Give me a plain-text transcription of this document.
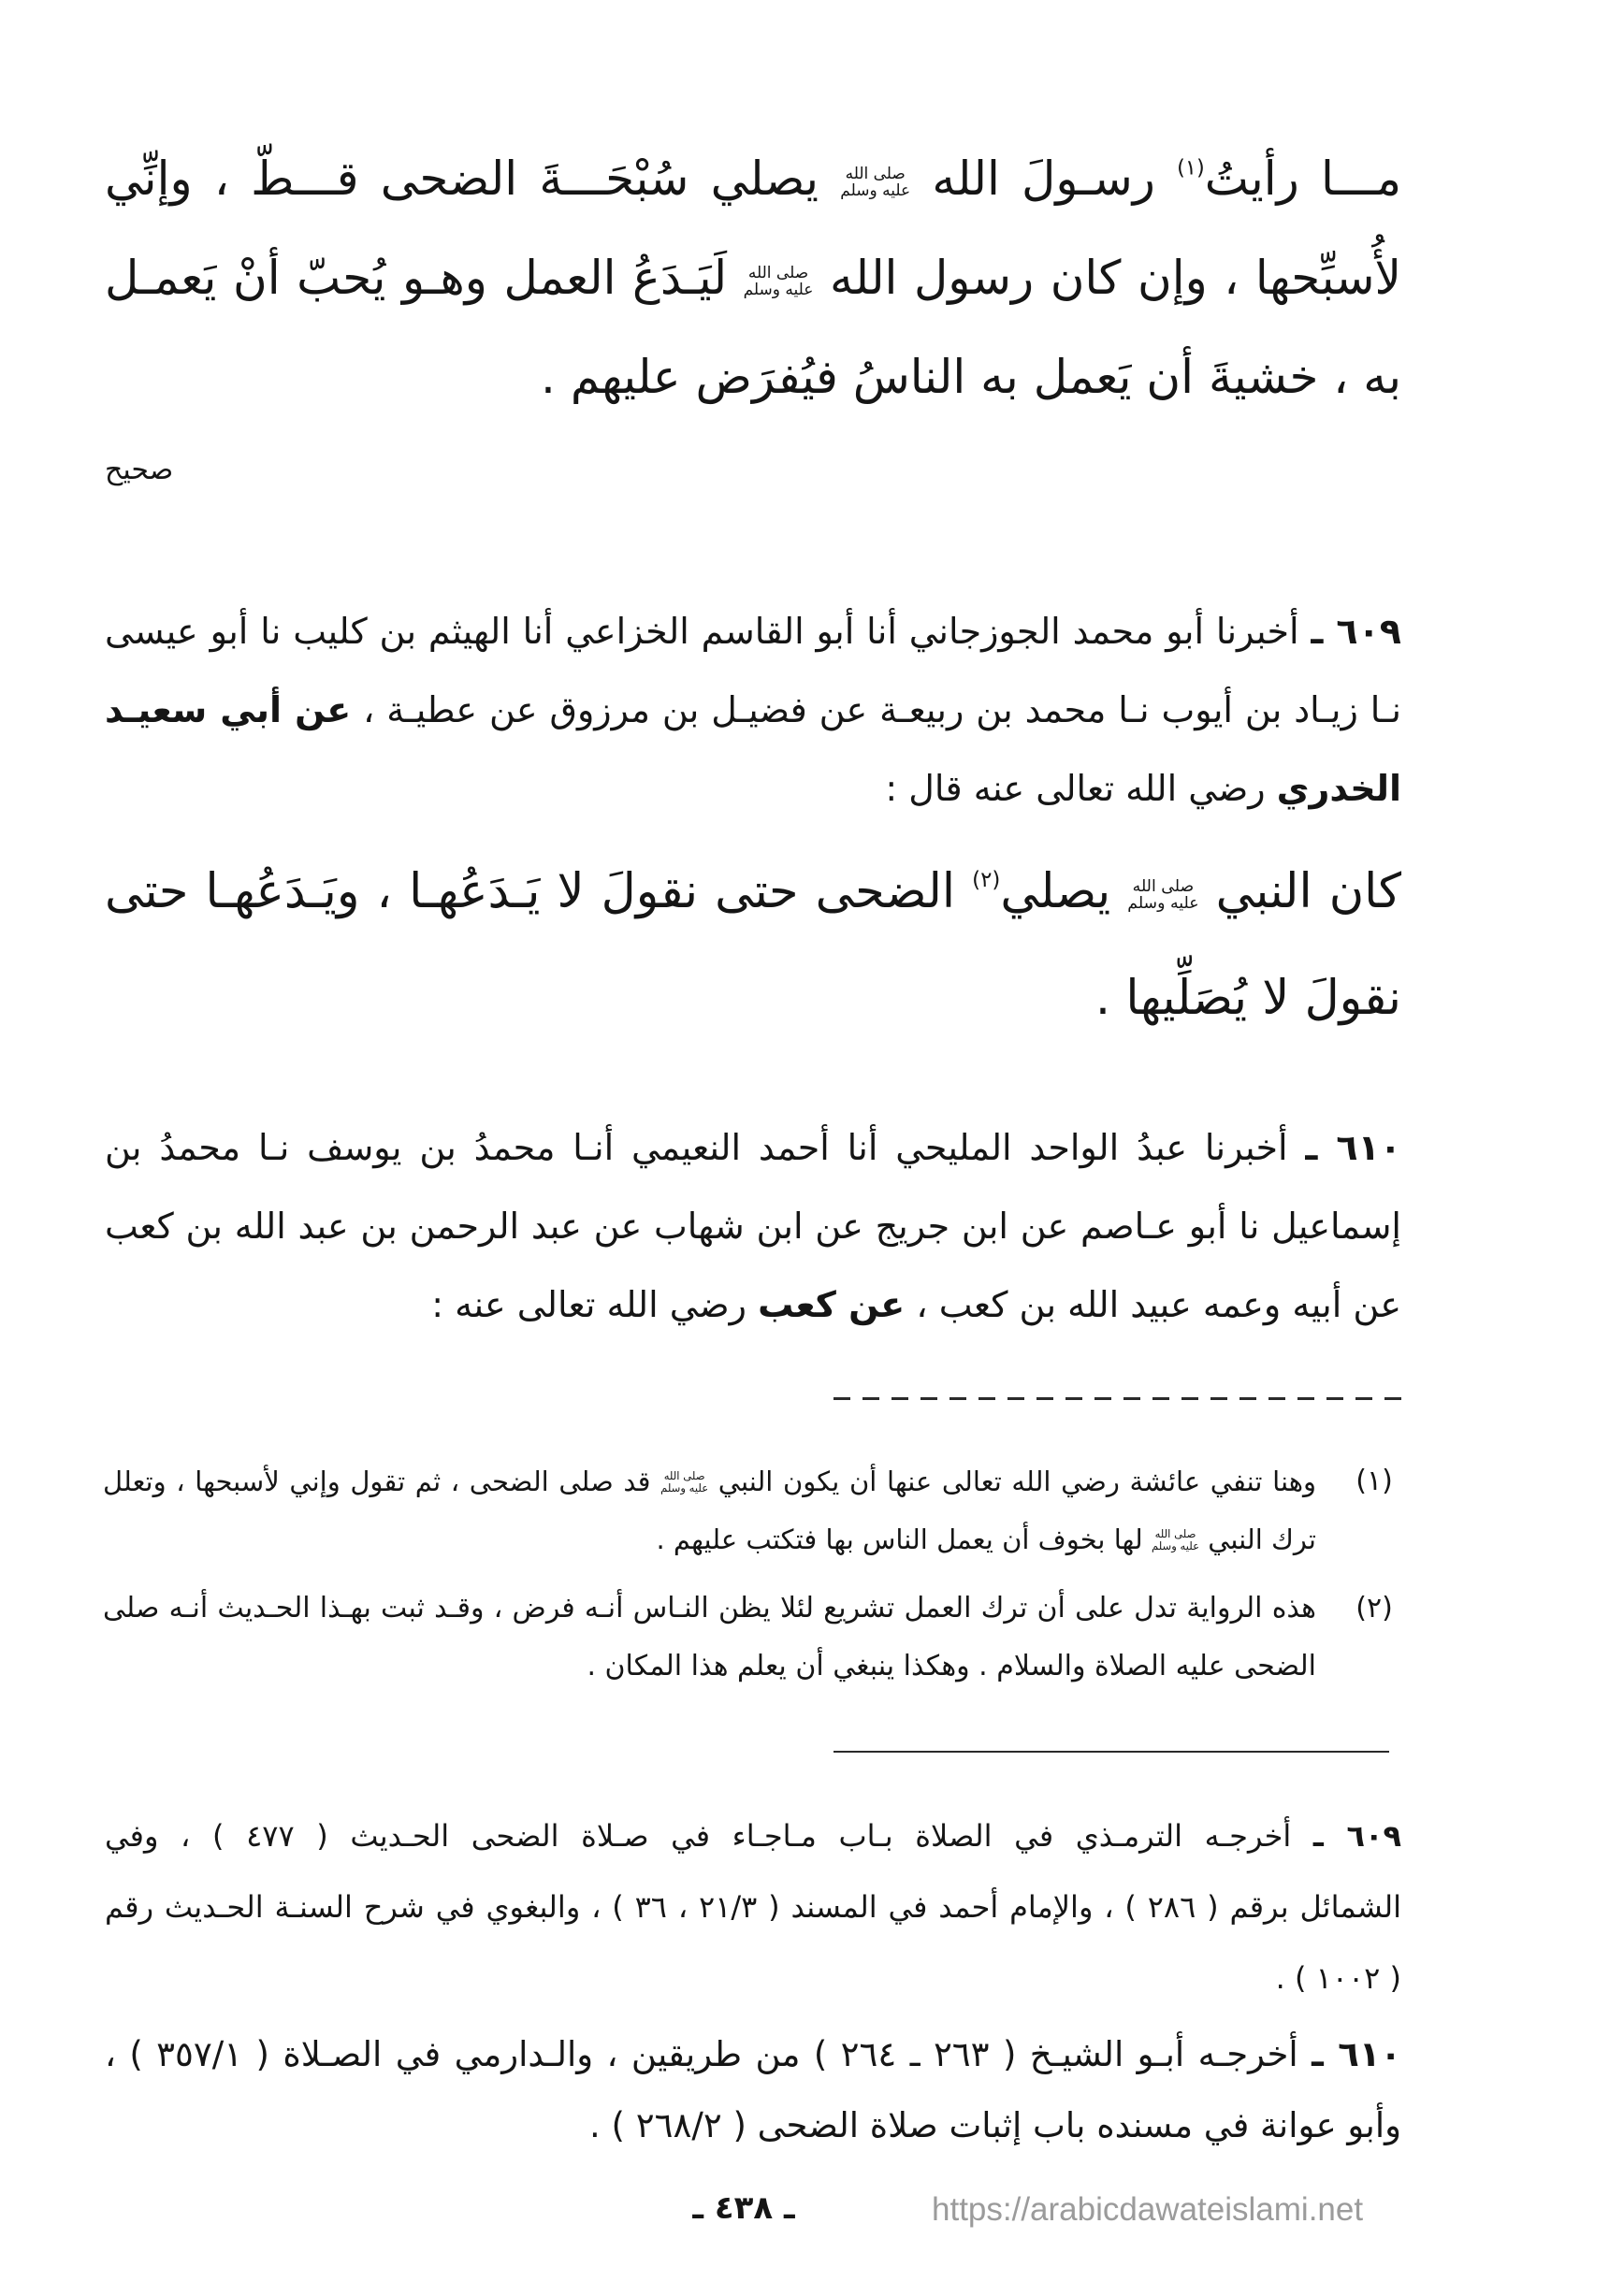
مـــا رأيتُ$^{(١)}$ رسـولَ الله
صلى الله
عليه وسلم
يصلي سُبْحَـــةَ الضحى قـــطّ ، وإنِّي
لأُسبِّحها ، وإن كان رسول الله
صلى الله
عليه وسلم
لَيَـدَعُ العمل وهـو يُحبّ أنْ يَعمـل
به ، خشيةَ أن يَعمل به الناسُ فيُفرَض عليهم .
صحيح
٦٠٩ ـ أخبرنا أبو محمد الجوزجاني أنا أبو القاسم الخزاعي أنا الهيثم بن كليب نا أبو عيسى
نـا زيـاد بن أيوب نـا محمد بن ربيعـة عن فضيـل بن مرزوق عن عطيـة ، عن أبي سعيـد
الخدري رضي الله تعالى عنه قال :
كان النبي
صلى الله
عليه وسلم
يصلي$^{(٢)}$ الضحى حتى نقولَ لا يَـدَعُهـا ، ويَـدَعُهـا حتى
نقولَ لا يُصَلِّيها .
٦١٠ ـ أخبرنا عبدُ الواحد المليحي أنا أحمد النعيمي أنـا محمدُ بن يوسف نـا محمدُ بن
إسماعيل نا أبو عـاصم عن ابن جريج عن ابن شهاب عن عبد الرحمن بن عبد الله بن كعب
عن أبيه وعمه عبيد الله بن كعب ، عن كعب رضي الله تعالى عنه :
(١)
وهنا تنفي عائشة رضي الله تعالى عنها أن يكون النبي
صلى الله
عليه وسلم
قد صلى الضحى ، ثم تقول وإني لأسبحها ، وتعلل
ترك النبي
صلى الله
عليه وسلم
لها بخوف أن يعمل الناس بها فتكتب عليهم .
(٢)
هذه الرواية تدل على أن ترك العمل تشريع لئلا يظن النـاس أنـه فرض ، وقـد ثبت بهـذا الحـديث أنـه صلى
الضحى عليه الصلاة والسلام . وهكذا ينبغي أن يعلم هذا المكان .
٦٠٩ ـ أخرجـه الترمـذي في الصلاة بـاب مـاجـاء في صـلاة الضحى الحـديث ( ٤٧٧ ) ، وفي
الشمائل برقم ( ٢٨٦ ) ، والإمام أحمد في المسند ( ٢١/٣ ، ٣٦ ) ، والبغوي في شرح السنـة الحـديث رقم
( ١٠٠٢ ) .
٦١٠ ـ أخرجـه أبـو الشيـخ ( ٢٦٣ ـ ٢٦٤ ) من طريقين ، والـدارمي في الصـلاة ( ٣٥٧/١ ) ،
وأبو عوانة في مسنده باب إثبات صلاة الضحى ( ٢٦٨/٢ ) .
ـ ٤٣٨ ـ	https://arabicdawateislami.net
